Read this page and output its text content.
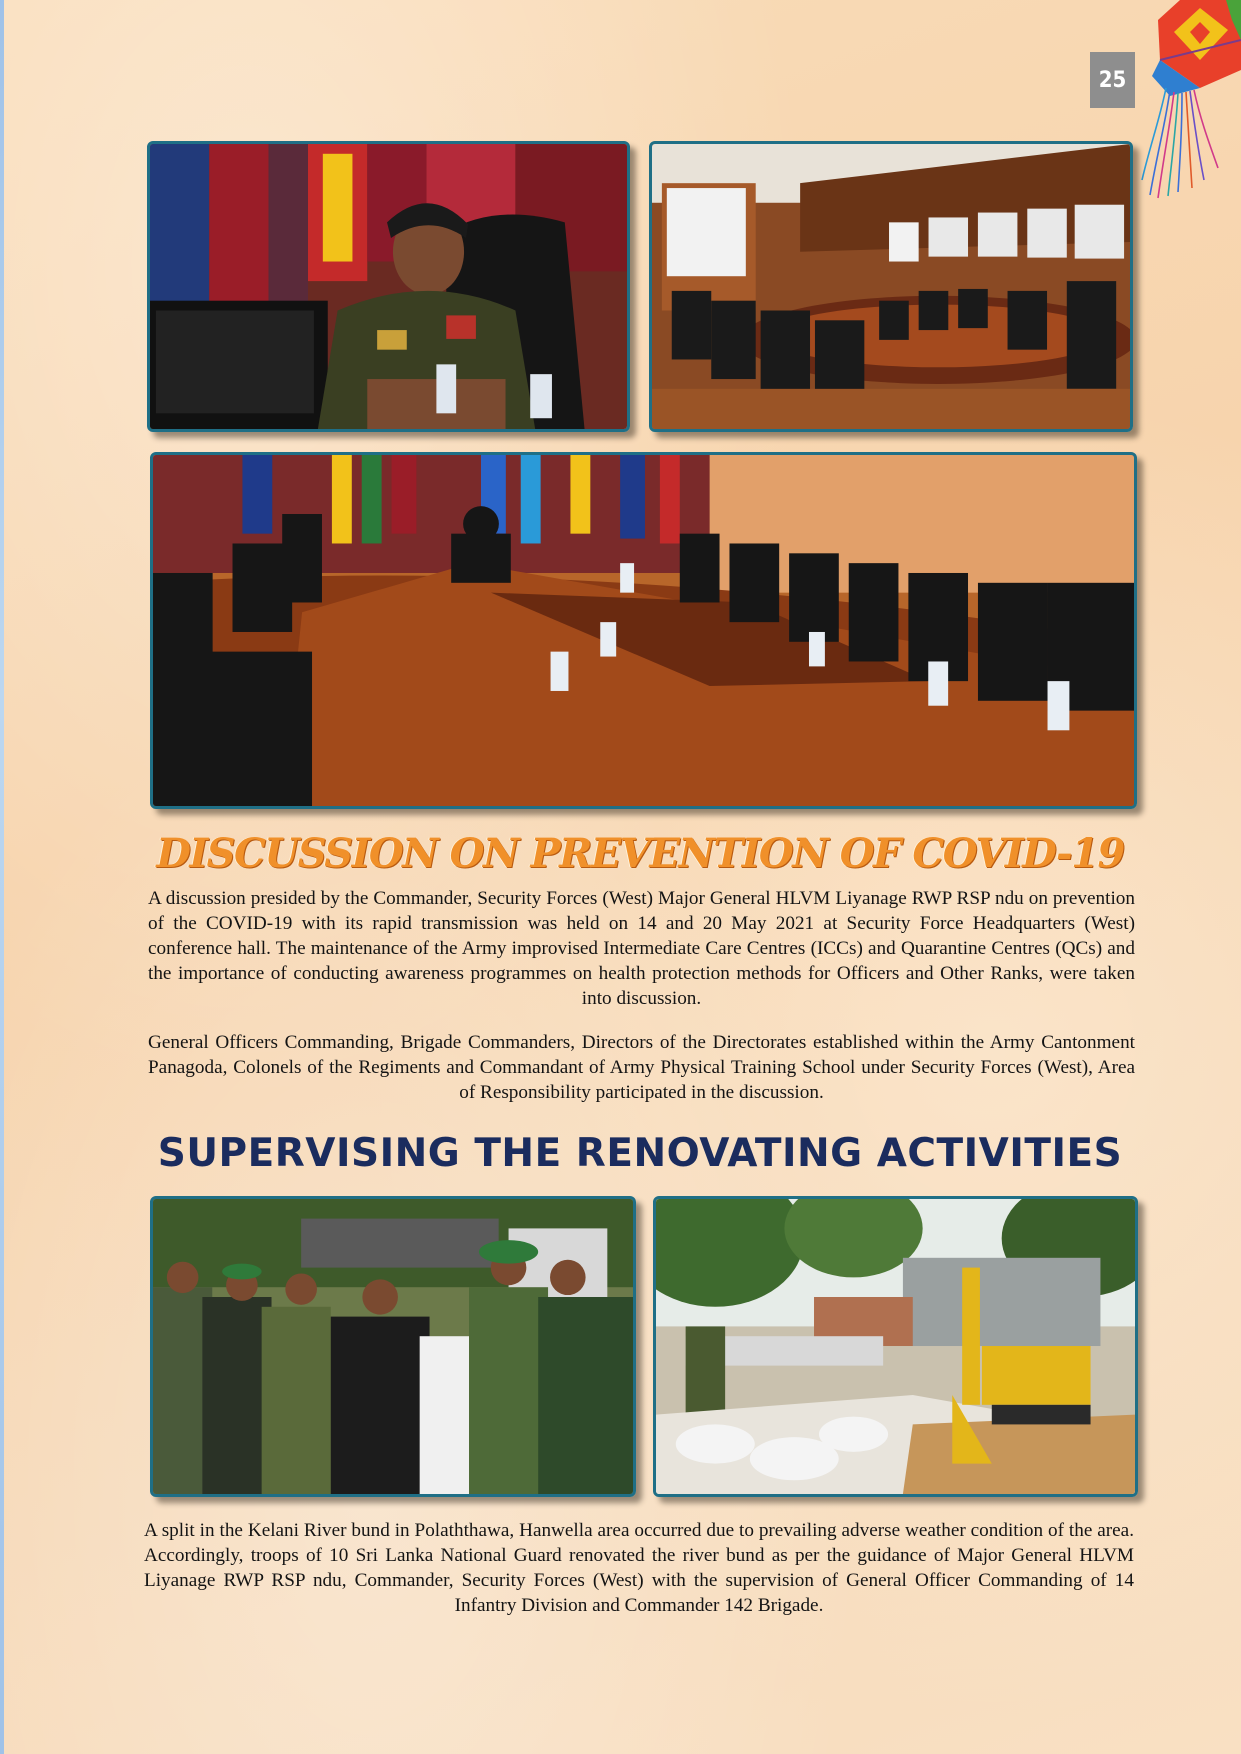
25
DISCUSSION ON PREVENTION OF COVID-19

A discussion presided by the Commander, Security Forces (West) Major General HLVM Liyanage RWP RSP ndu on prevention of the COVID-19 with its rapid transmission was held on 14 and 20 May 2021 at Security Force Headquarters (West) conference hall. The maintenance of the Army improvised Intermediate Care Centres (ICCs) and Quarantine Centres (QCs) and the importance of conducting awareness programmes on health protection methods for Officers and Other Ranks, were taken into discussion.

General Officers Commanding, Brigade Commanders, Directors of the Directorates established within the Army Cantonment Panagoda, Colonels of the Regiments and Commandant of Army Physical Training School under Security Forces (West), Area of Responsibility participated in the discussion.

SUPERVISING THE RENOVATING ACTIVITIES

A split in the Kelani River bund in Polaththawa, Hanwella area occurred due to prevailing adverse weather condition of the area. Accordingly, troops of 10 Sri Lanka National Guard renovated the river bund as per the guidance of Major General HLVM Liyanage RWP RSP ndu, Commander, Security Forces (West) with the supervision of General Officer Commanding of 14 Infantry Division and Commander 142 Brigade.
